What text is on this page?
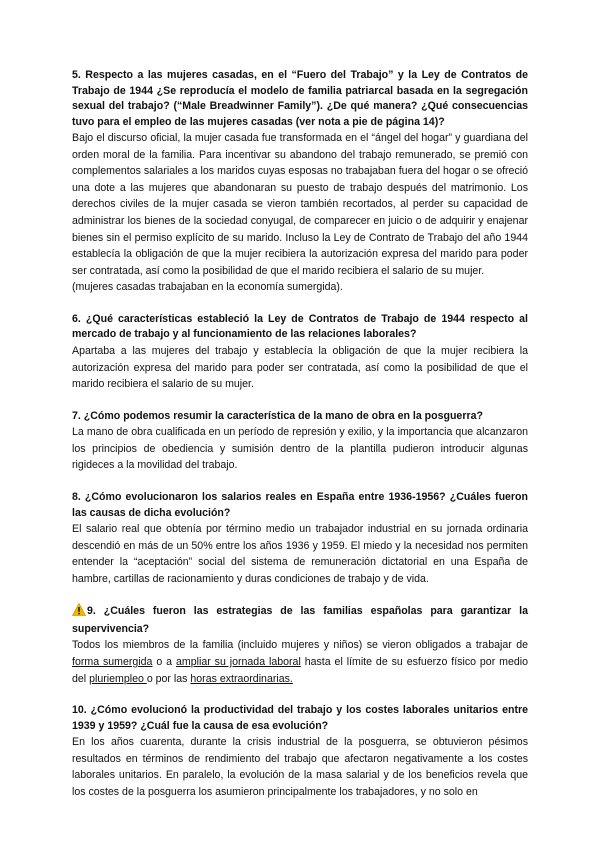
5. Respecto a las mujeres casadas, en el “Fuero del Trabajo” y la Ley de Contratos de Trabajo de 1944 ¿Se reproducía el modelo de familia patriarcal basada en la segregación sexual del trabajo? (“Male Breadwinner Family”). ¿De qué manera? ¿Qué consecuencias tuvo para el empleo de las mujeres casadas (ver nota a pie de página 14)?

Bajo el discurso oficial, la mujer casada fue transformada en el “ángel del hogar” y guardiana del orden moral de la familia. Para incentivar su abandono del trabajo remunerado, se premió con complementos salariales a los maridos cuyas esposas no trabajaban fuera del hogar o se ofreció una dote a las mujeres que abandonaran su puesto de trabajo después del matrimonio. Los derechos civiles de la mujer casada se vieron también recortados, al perder su capacidad de administrar los bienes de la sociedad conyugal, de comparecer en juicio o de adquirir y enajenar bienes sin el permiso explícito de su marido. Incluso la Ley de Contrato de Trabajo del año 1944 establecía la obligación de que la mujer recibiera la autorización expresa del marido para poder ser contratada, así como la posibilidad de que el marido recibiera el salario de su mujer.

(mujeres casadas trabajaban en la economía sumergida).

6. ¿Qué características estableció la Ley de Contratos de Trabajo de 1944 respecto al mercado de trabajo y al funcionamiento de las relaciones laborales?
Apartaba a las mujeres del trabajo y establecía la obligación de que la mujer recibiera la autorización expresa del marido para poder ser contratada, así como la posibilidad de que el marido recibiera el salario de su mujer.
7. ¿Cómo podemos resumir la característica de la mano de obra en la posguerra?
La mano de obra cualificada en un período de represión y exilio, y la importancia que alcanzaron los principios de obediencia y sumisión dentro de la plantilla pudieron introducir algunas rigideces a la movilidad del trabajo.
8. ¿Cómo evolucionaron los salarios reales en España entre 1936-1956? ¿Cuáles fueron las causas de dicha evolución?
El salario real que obtenía por término medio un trabajador industrial en su jornada ordinaria descendió en más de un 50% entre los años 1936 y 1959. El miedo y la necesidad nos permiten entender la “aceptación” social del sistema de remuneración dictatorial en una España de hambre, cartillas de racionamiento y duras condiciones de trabajo y de vida.
9. ¿Cuáles fueron las estrategias de las familias españolas para garantizar la supervivencia?
Todos los miembros de la familia (incluido mujeres y niños) se vieron obligados a trabajar de forma sumergida o a ampliar su jornada laboral hasta el límite de su esfuerzo físico por medio del pluriempleo o por las horas extraordinarias.
10. ¿Cómo evolucionó la productividad del trabajo y los costes laborales unitarios entre 1939 y 1959? ¿Cuál fue la causa de esa evolución?
En los años cuarenta, durante la crisis industrial de la posguerra, se obtuvieron pésimos resultados en términos de rendimiento del trabajo que afectaron negativamente a los costes laborales unitarios. En paralelo, la evolución de la masa salarial y de los beneficios revela que los costes de la posguerra los asumieron principalmente los trabajadores, y no solo en
